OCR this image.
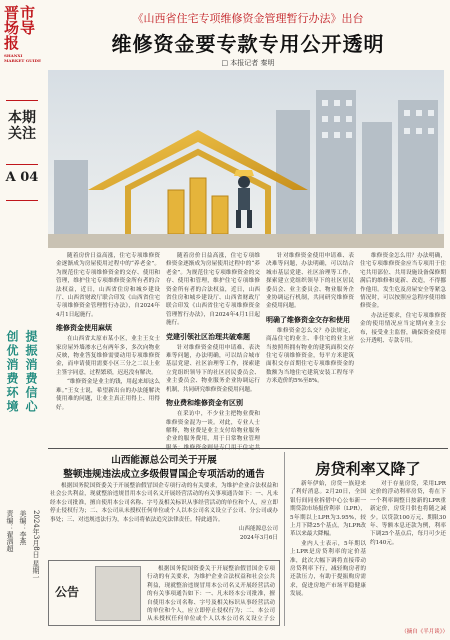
晋市场导报
SHANXI MARKET GUIDE
本期关注
A 04
创优消费环境 提振消费信心
责编：翟泗超 美编：李燕 2024年3月8日 星期一
《山西省住宅专项维修资金管理暂行办法》出台
维修资金要专款专用公开透明
□ 本报记者 秦明

随着房价日益高涨，住宅专项维修资金逐渐成为房屋使用过程中的“养老金”。为规范住宅专项维修资金的交存、使用和管理，维护住宅专项维修资金所有者的合法权益，近日，山西省住房和城乡建设厅、山西省财政厅联合印发《山西省住宅专项维修资金管理暂行办法》，自2024年4月1日起施行。

维修资金使用麻烦

在山西省太原市某小区，业主王女士家房屋外墙渗水已有两年多，多次向物业反映，物业答复维修需要动用专项维修资金，而申请使用需要小区三分之二以上业主签字同意，过程繁琐，迟迟没有解决。

“维修资金是业主的钱，用起来却这么难。”王女士说，希望新出台的办法能解决使用难的问题，让业主真正用得上、用得好。

随着房价日益高涨，住宅专项维修资金逐渐成为房屋使用过程中的“养老金”。为规范住宅专项维修资金的交存、使用和管理，维护住宅专项维修资金所有者的合法权益，近日，山西省住房和城乡建设厅、山西省财政厅联合印发《山西省住宅专项维修资金管理暂行办法》，自2024年4月1日起施行。

党建引领社区治理共破难题

针对维修资金使用申请难、表决难等问题，办法明确，可以结合城市基层党建、社区治理等工作，探索建立党组织领导下的社区居民委员会、业主委员会、物业服务企业协调运行机制，共同研究维修资金使用问题。

物业费和维修资金有区别

在采访中，不少业主把物业费和维修资金混为一谈。对此，专业人士解释，物业费是业主支付给物业服务企业的服务费用，用于日常物业管理

针对维修资金使用申请难、表决难等问题，办法明确，可以结合城市基层党建、社区治理等工作，探索建立党组织领导下的社区居民委员会、业主委员会、物业服务企业协调运行机制，共同研究维修资金使用问题。

明确了维修资金交存和使用

维修资金怎么交？办法规定，商品住宅的业主、非住宅的业主应当按照所拥有物业的建筑面积交存住宅专项维修资金，每平方米建筑面积交存首期住宅专项维修资金的数额为当地住宅建筑安装工程每平方米造价的5%至8%。

维修资金怎么用？办法明确，住宅专项维修资金应当专项用于住宅共用部位、共用设施设备保修期满后的维修和更新、改造，不得挪作他用。发生危及房屋安全等紧急情况时，可以按照应急程序使用维修资金。

办法还要求，住宅专项维修资金的使用情况应当定期向业主公布，接受业主监督，确保资金使用公开透明、专款专用。

山西能源总公司关于开展
整顿违规违法成立多级假冒国企专项活动的通告

根据国务院国资委关于开展整治假冒国企专项行动的有关要求，为维护企业合法权益和社会公共利益，现就整治违规冒用本公司名义开展经营活动的有关事项通告如下：一、凡未经本公司批准，擅自使用本公司名称、字号及相关标识从事经营活动的单位和个人，应立即停止侵权行为；二、本公司从未授权任何单位或个人以本公司名义设立子公司、分公司或办事处；三、对违规违法行为，本公司将依法追究法律责任。特此通告。

山西能源总公司

2024年3月6日

公告

根据国务院国资委关于开展整治假冒国企专项行动的有关要求，为维护企业合法权益和社会公共利益，现就整治违规冒用本公司名义开展经营活动的有关事项通告如下：一、凡未经本公司批准，擅自使用本公司名称、字号及相关标识从事经营活动的单位和个人，应立即停止侵权行为；二、本公司从未授权任何单位或个人以本公司名义设立子公

房贷利率又降了

新年伊始，房贷一族迎来了利好消息。2月20日，全国银行间同业拆借中心公布新一期贷款市场报价利率（LPR），5年期以上LPR为3.95%，较上月下降25个基点，为LPR改革以来最大降幅。

业内人士表示，5年期以上LPR是房贷利率的定价基准，此次大幅下调将直接带动房贷利率下行，减轻购房者的还款压力，有助于提振购房需求，促进房地产市场平稳健康发展。

对于存量房贷，采用LPR定价的浮动利率房贷，将在下一个利率调整日按新的LPR重新定价，房贷月供也将随之减少。以贷款100万元、期限30年、等额本息还款为例，利率下调25个基点后，每月可少还约140元。

（摘自《半月谈》）
